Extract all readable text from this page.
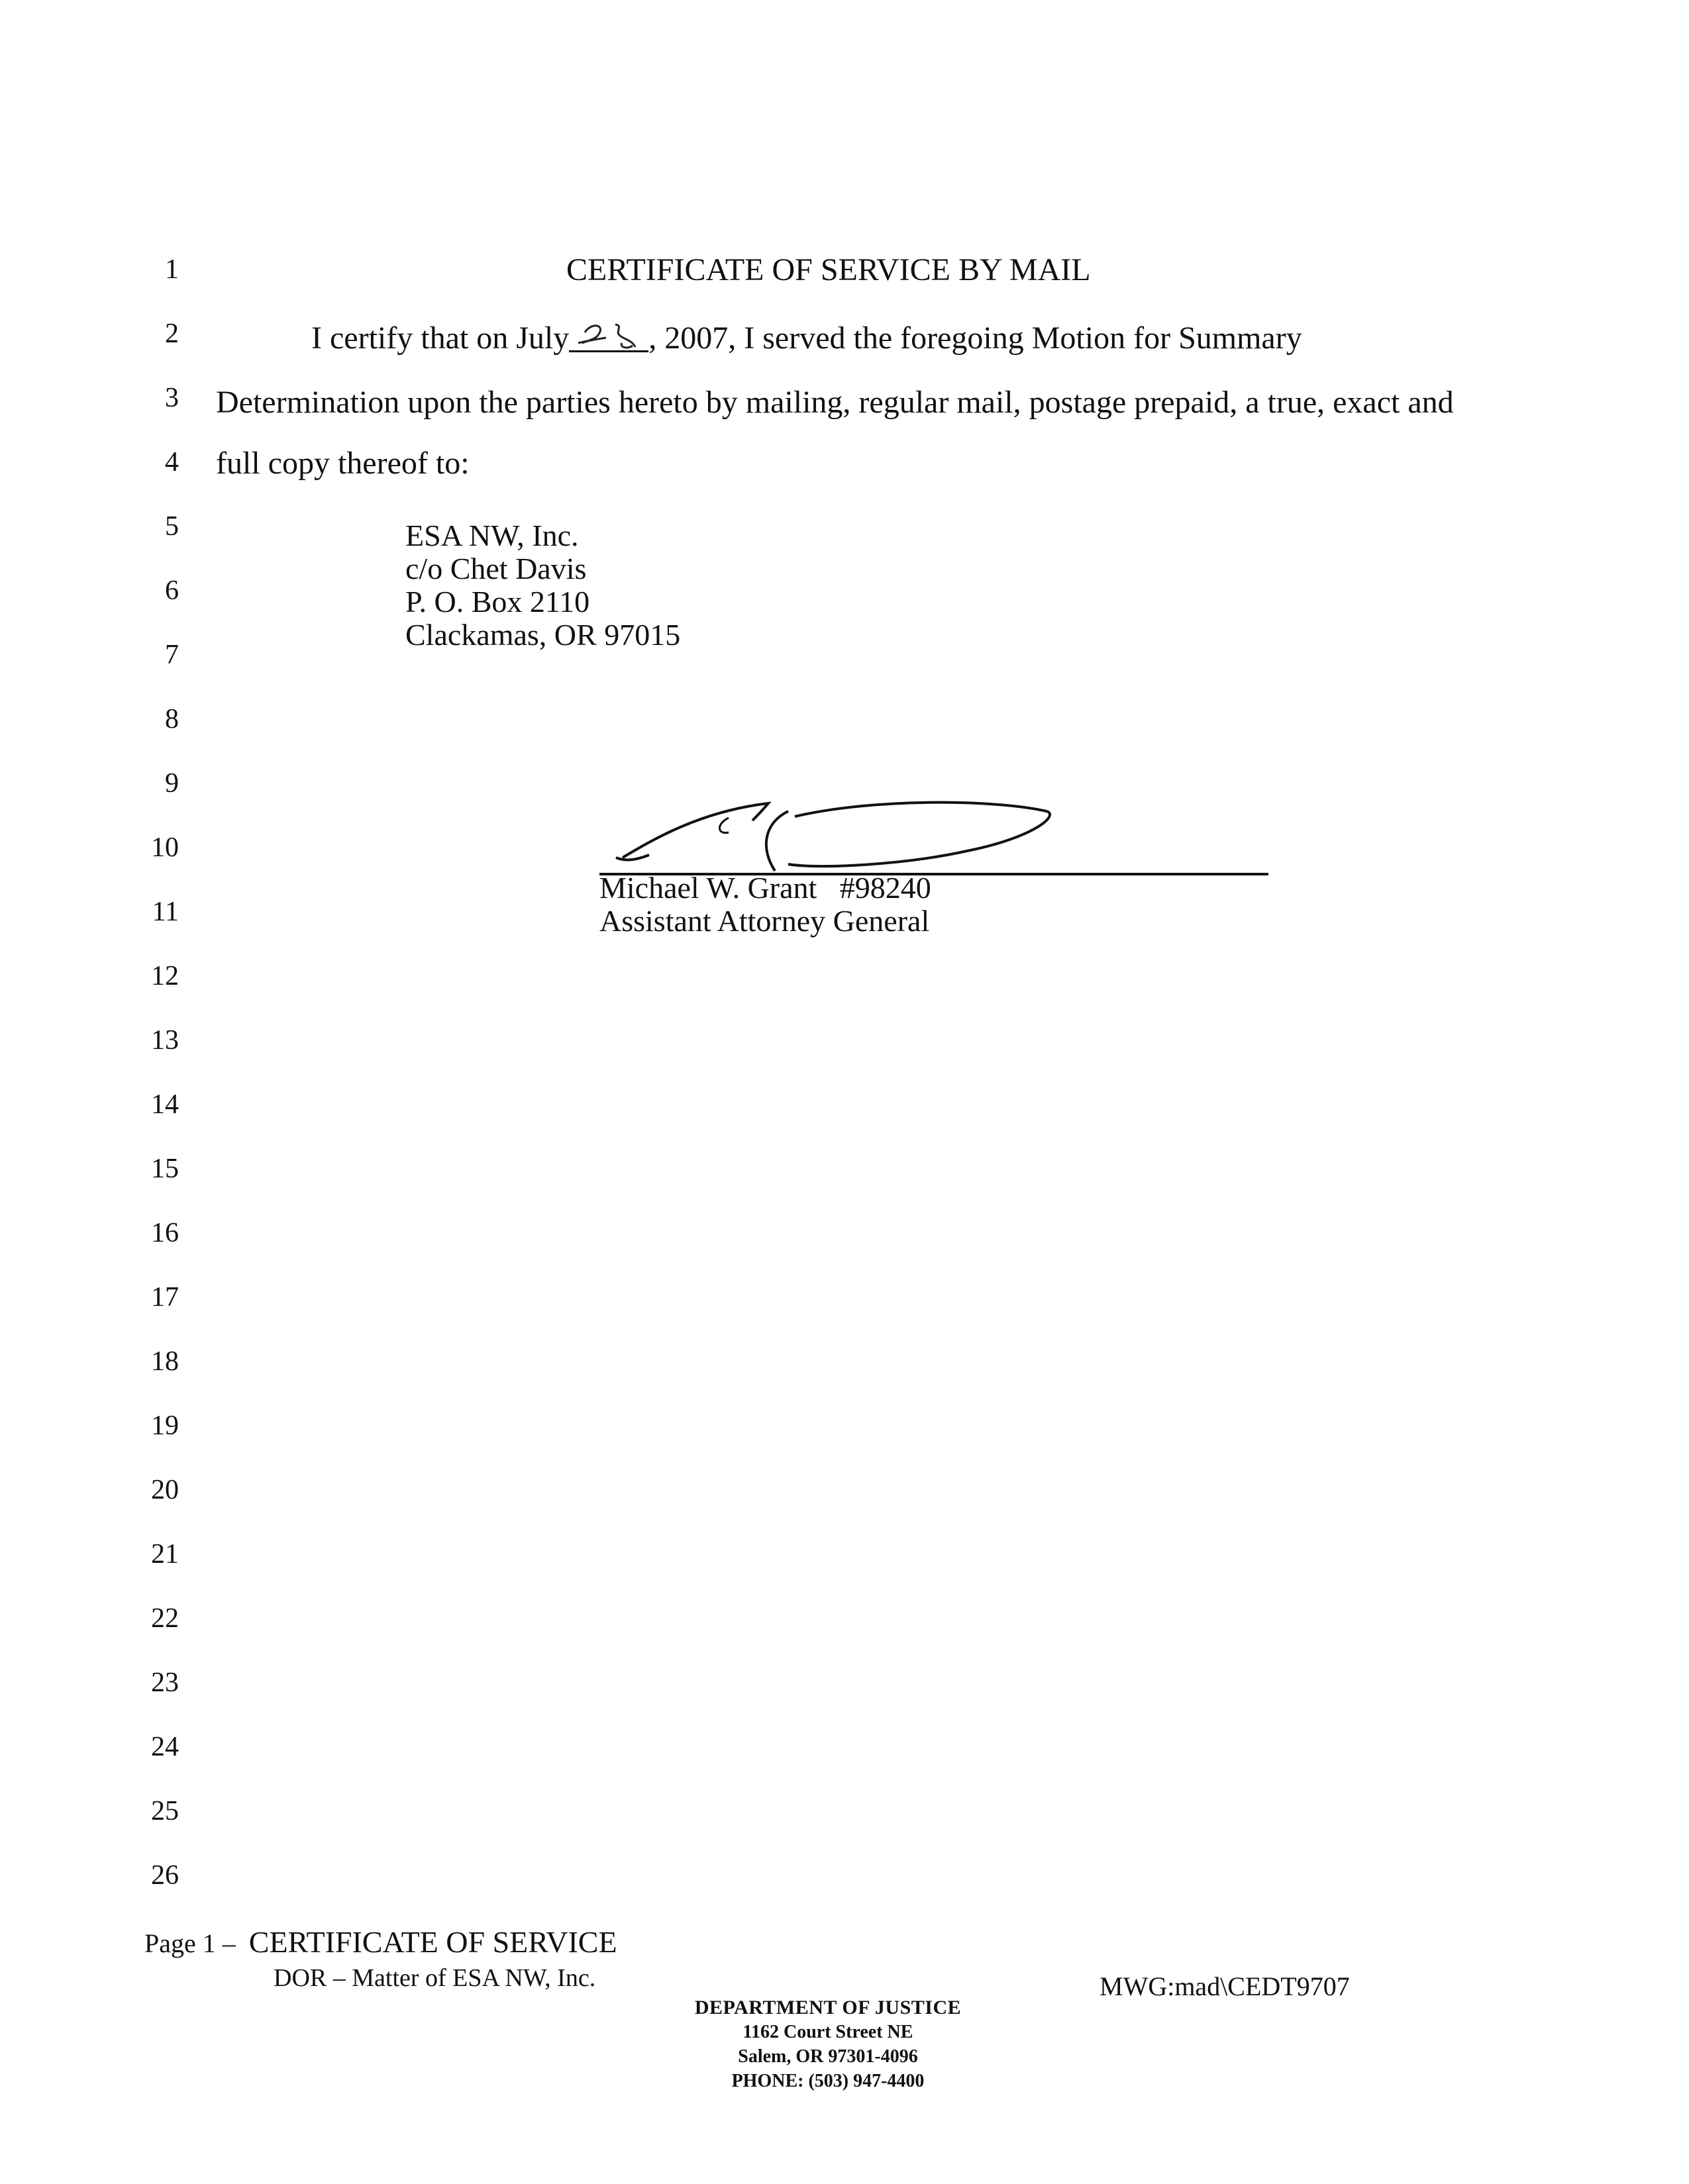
1
2
3
4
5
6
7
8
9
10
11
12
13
14
15
16
17
18
19
20
21
22
23
24
25
26
CERTIFICATE OF SERVICE BY MAIL
I certify that on July	, 2007, I served the foregoing Motion for Summary
Determination upon the parties hereto by mailing, regular mail, postage prepaid, a true, exact and
full copy thereof to:
ESA NW, Inc.
c/o Chet Davis
P. O. Box 2110
Clackamas, OR 97015
Michael W. Grant   #98240
Assistant Attorney General
Page 1 – CERTIFICATE OF SERVICE
DOR – Matter of ESA NW, Inc.	MWG:mad\CEDT9707
DEPARTMENT OF JUSTICE
1162 Court Street NE
Salem, OR 97301-4096
PHONE: (503) 947-4400
